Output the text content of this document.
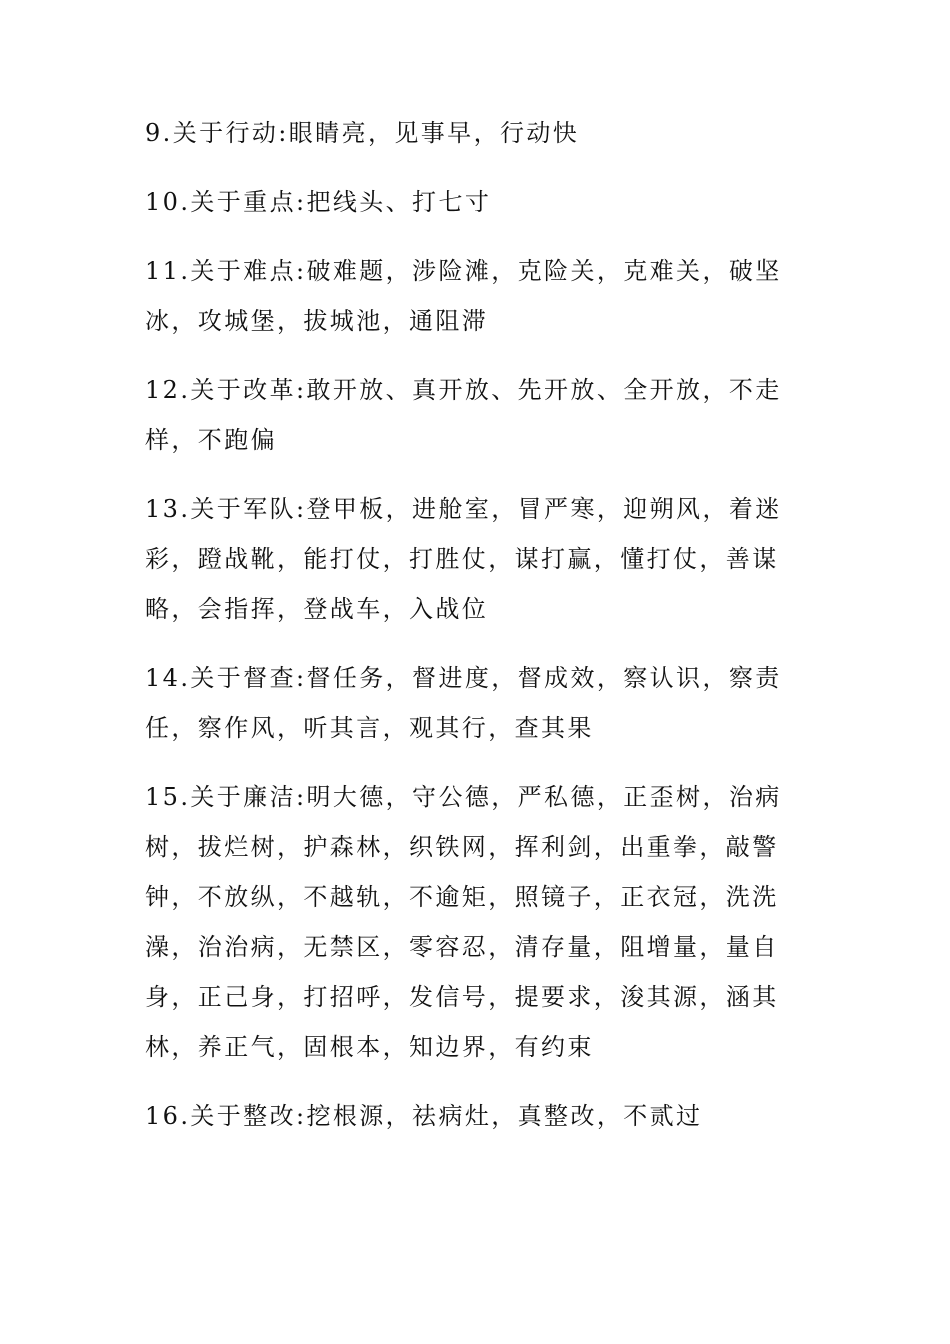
9.关于行动:眼睛亮，见事早，行动快

10.关于重点:把线头、打七寸

11.关于难点:破难题，涉险滩，克险关，克难关，破坚冰，攻城堡，拔城池，通阻滞

12.关于改革:敢开放、真开放、先开放、全开放，不走样，不跑偏

13.关于军队:登甲板，进舱室，冒严寒，迎朔风，着迷彩，蹬战靴，能打仗，打胜仗，谋打赢，懂打仗，善谋略，会指挥，登战车，入战位

14.关于督查:督任务，督进度，督成效，察认识，察责任，察作风，听其言，观其行，查其果

15.关于廉洁:明大德，守公德，严私德，正歪树，治病树，拔烂树，护森林，织铁网，挥利剑，出重拳，敲警钟，不放纵，不越轨，不逾矩，照镜子，正衣冠，洗洗澡，治治病，无禁区，零容忍，清存量，阻增量，量自身，正己身，打招呼，发信号，提要求，浚其源，涵其林，养正气，固根本，知边界，有约束

16.关于整改:挖根源，祛病灶，真整改，不贰过
